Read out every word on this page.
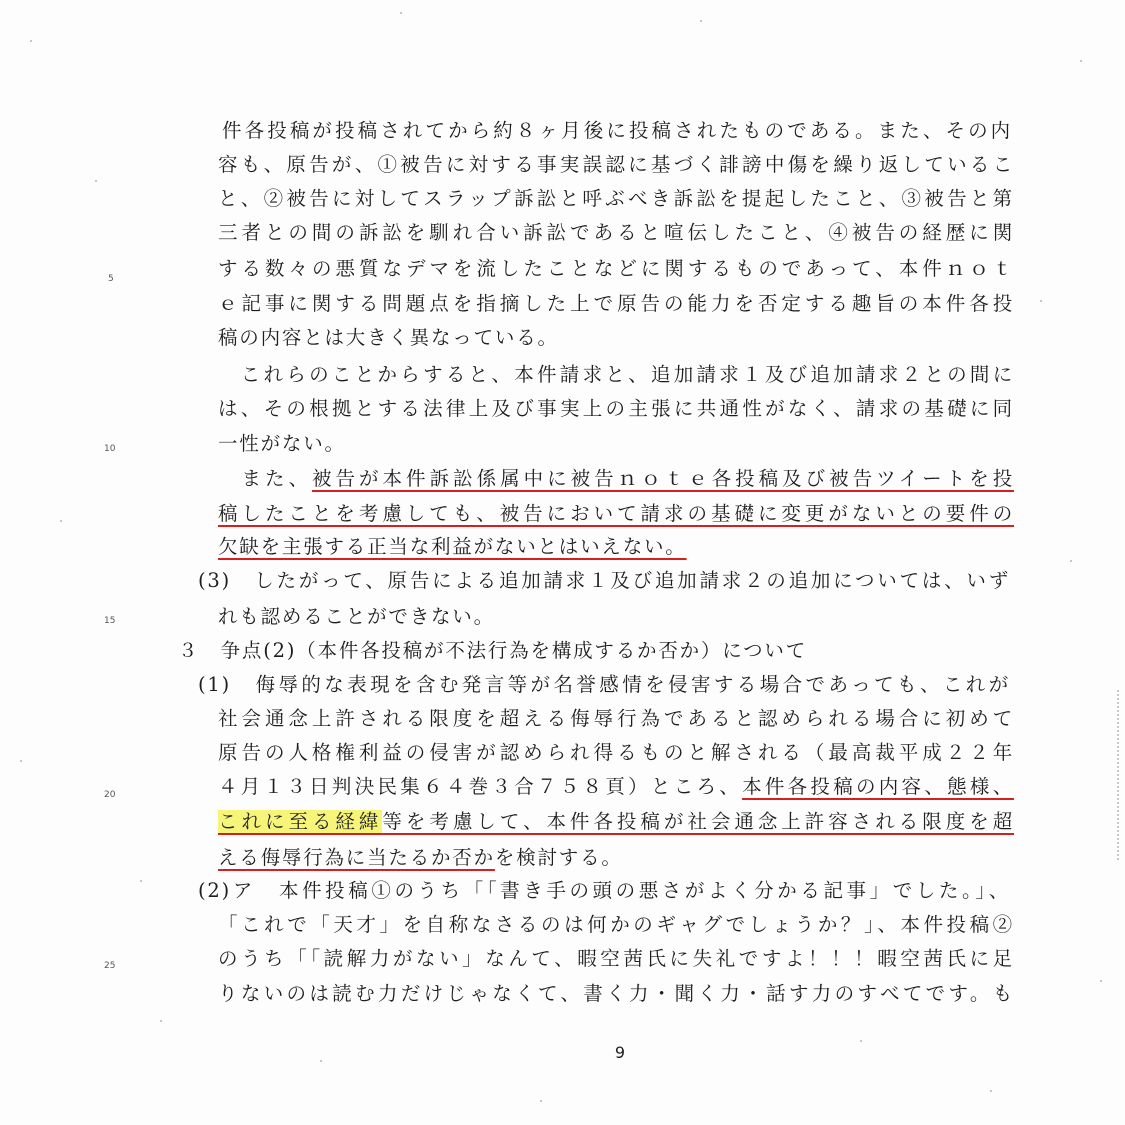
5
10
15
20
25
件各投稿が投稿されてから約８ヶ月後に投稿されたものである。また、その内
容も、原告が、①被告に対する事実誤認に基づく誹謗中傷を繰り返しているこ
と、②被告に対してスラップ訴訟と呼ぶべき訴訟を提起したこと、③被告と第
三者との間の訴訟を馴れ合い訴訟であると喧伝したこと、④被告の経歴に関
する数々の悪質なデマを流したことなどに関するものであって、本件ｎｏｔ
ｅ記事に関する問題点を指摘した上で原告の能力を否定する趣旨の本件各投
稿の内容とは大きく異なっている。
　これらのことからすると、本件請求と、追加請求１及び追加請求２との間に
は、その根拠とする法律上及び事実上の主張に共通性がなく、請求の基礎に同
一性がない。
　また、被告が本件訴訟係属中に被告ｎｏｔｅ各投稿及び被告ツイートを投
稿したことを考慮しても、被告において請求の基礎に変更がないとの要件の
欠缺を主張する正当な利益がないとはいえない。
(3)　したがって、原告による追加請求１及び追加請求２の追加については、いず
れも認めることができない。
３　争点(2)（本件各投稿が不法行為を構成するか否か）について
(1)　侮辱的な表現を含む発言等が名誉感情を侵害する場合であっても、これが
社会通念上許される限度を超える侮辱行為であると認められる場合に初めて
原告の人格権利益の侵害が認められ得るものと解される（最高裁平成２２年
４月１３日判決民集６４巻３合７５８頁）ところ、本件各投稿の内容、態様、
これに至る経緯等を考慮して、本件各投稿が社会通念上許容される限度を超
える侮辱行為に当たるか否かを検討する。
(2)ア　本件投稿①のうち「「書き手の頭の悪さがよく分かる記事」でした。」、
「これで「天才」を自称なさるのは何かのギャグでしょうか？」、本件投稿②
のうち「「読解力がない」なんて、暇空茜氏に失礼ですよ！！！暇空茜氏に足
りないのは読む力だけじゃなくて、書く力・聞く力・話す力のすべてです。も
9
